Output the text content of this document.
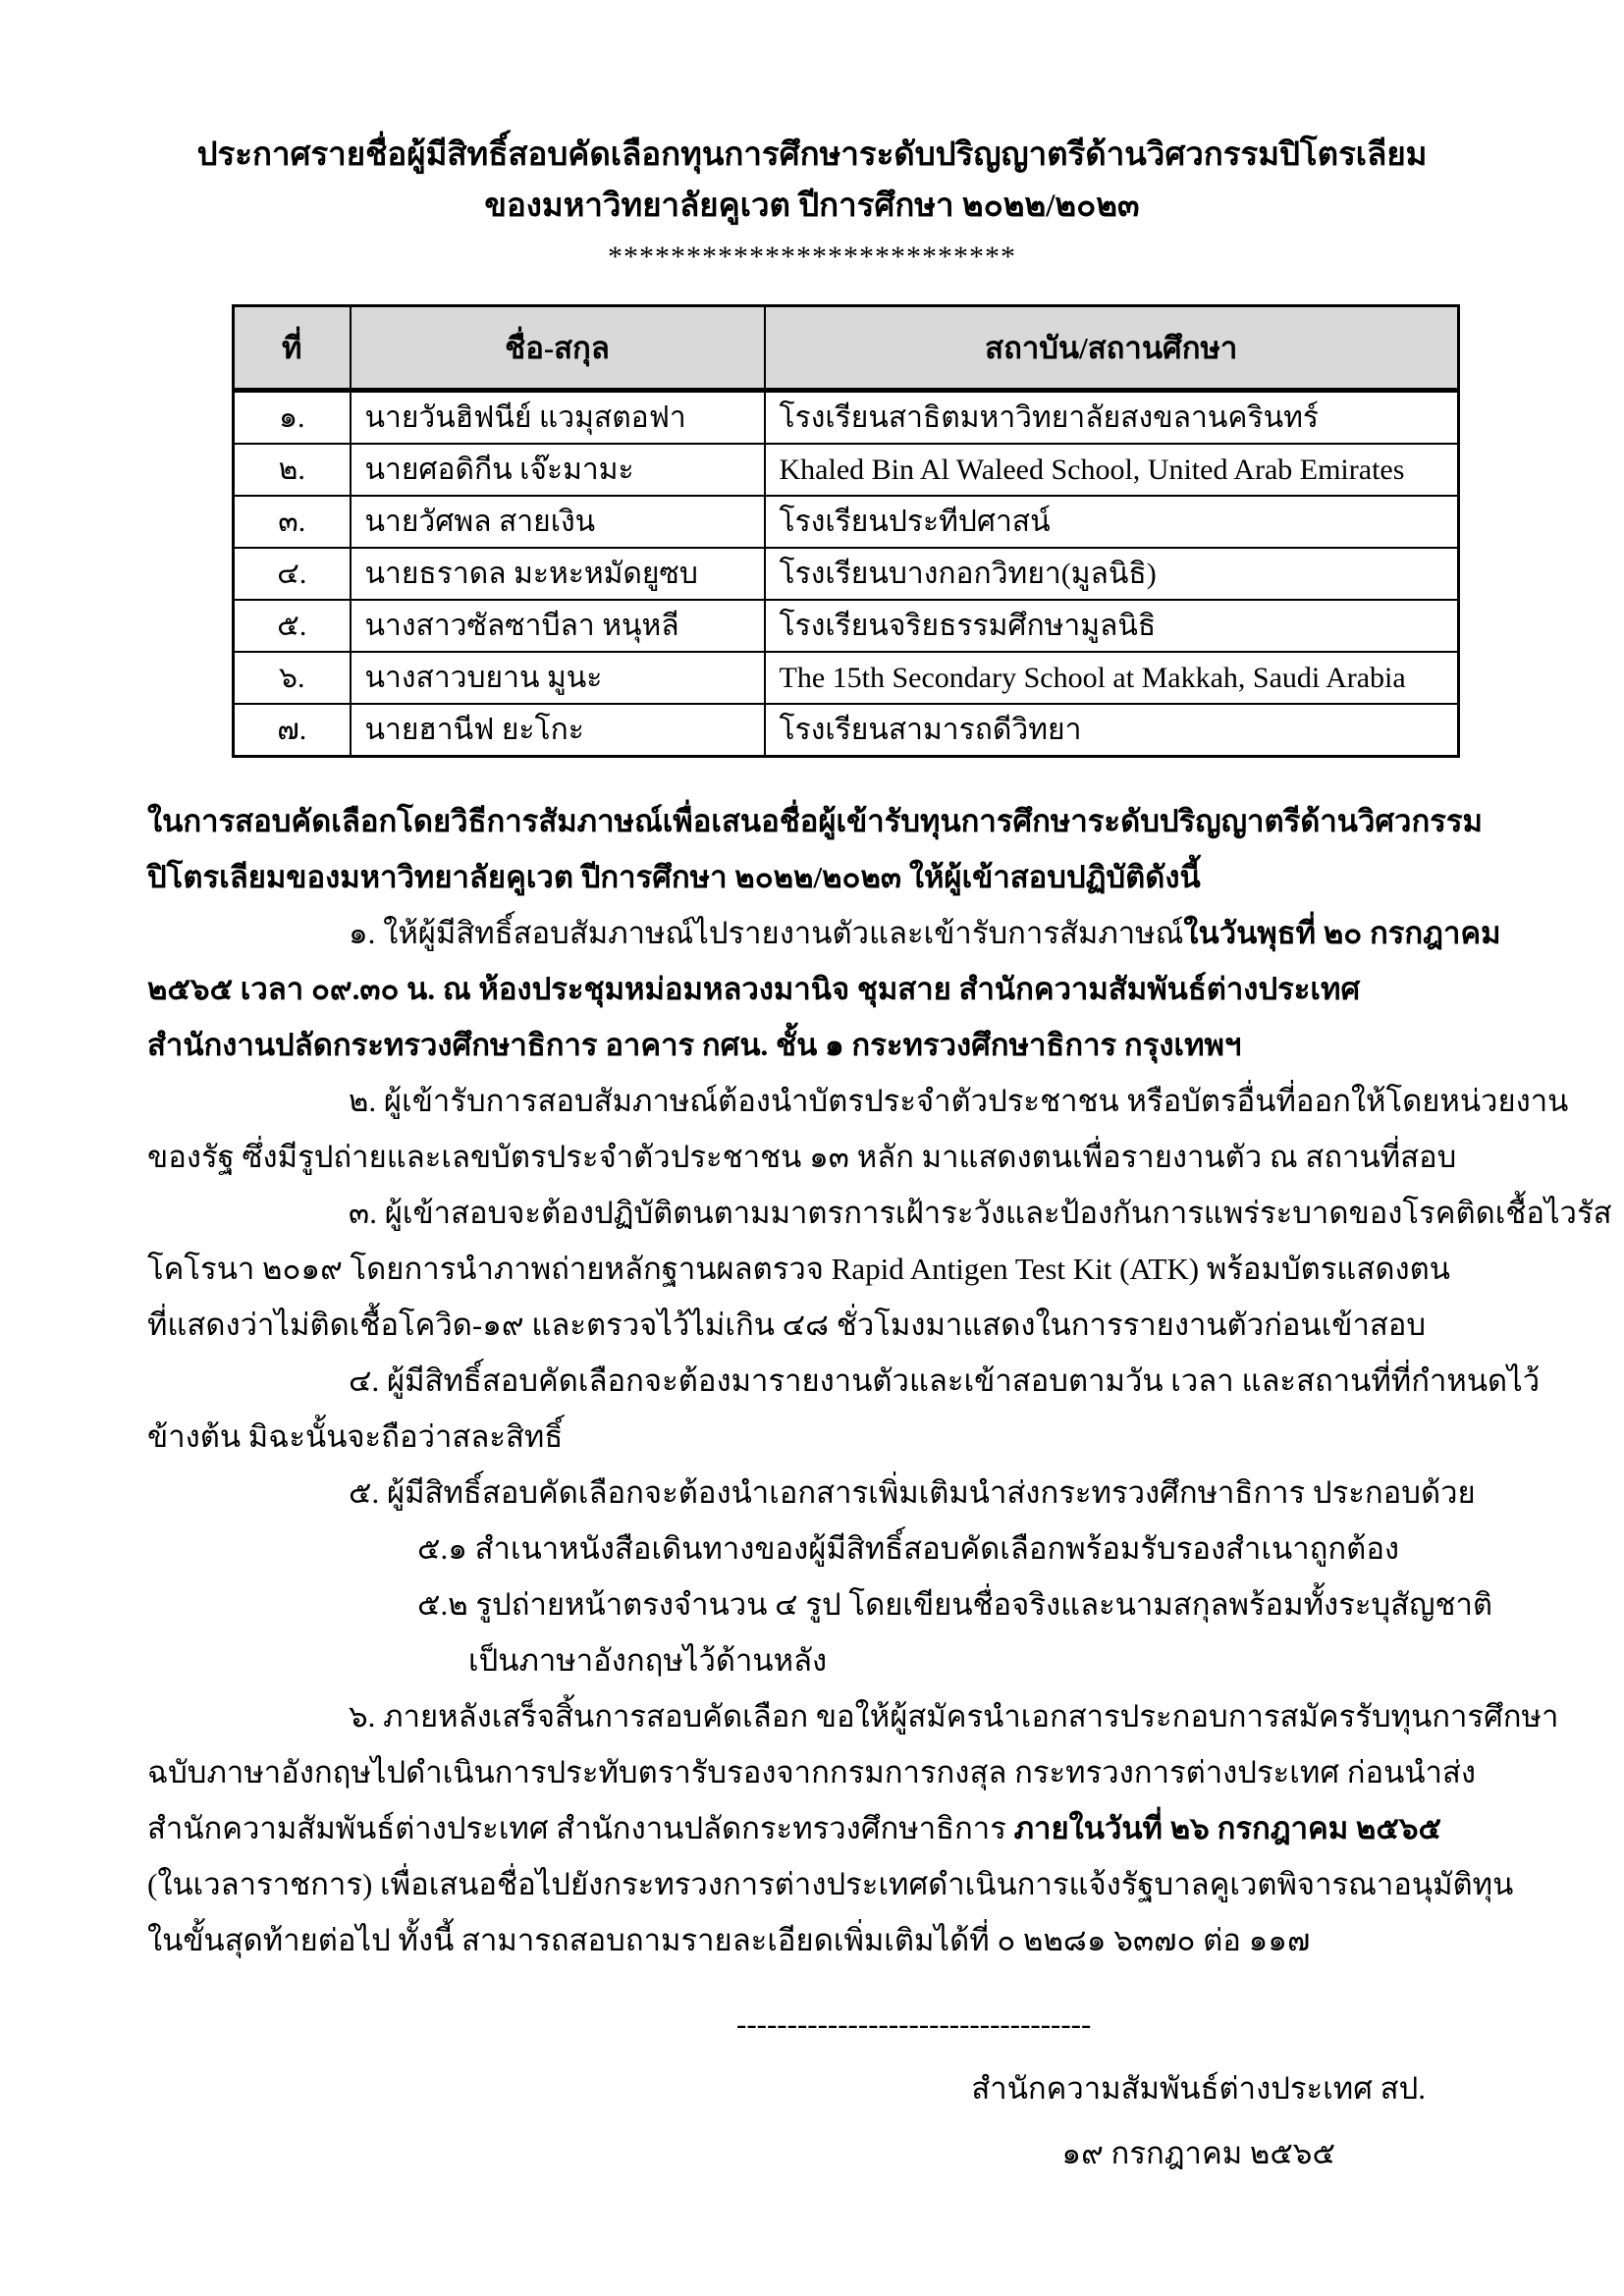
ประกาศรายชื่อผู้มีสิทธิ์สอบคัดเลือกทุนการศึกษาระดับปริญญาตรีด้านวิศวกรรมปิโตรเลียม
ของมหาวิทยาลัยคูเวต ปีการศึกษา ๒๐๒๒/๒๐๒๓
**************************
ที่	ชื่อ-สกุล	สถาบัน/สถานศึกษา
๑.	นายวันฮิฟนีย์ แวมุสตอฟา	โรงเรียนสาธิตมหาวิทยาลัยสงขลานครินทร์
๒.	นายศอดิกีน เจ๊ะมามะ	Khaled Bin Al Waleed School, United Arab Emirates
๓.	นายวัศพล สายเงิน	โรงเรียนประทีปศาสน์
๔.	นายธราดล มะหะหมัดยูซบ	โรงเรียนบางกอกวิทยา(มูลนิธิ)
๕.	นางสาวซัลซาบีลา หนุหลี	โรงเรียนจริยธรรมศึกษามูลนิธิ
๖.	นางสาวบยาน มูนะ	The 15th Secondary School at Makkah, Saudi Arabia
๗.	นายฮานีฟ ยะโกะ	โรงเรียนสามารถดีวิทยา
ในการสอบคัดเลือกโดยวิธีการสัมภาษณ์เพื่อเสนอชื่อผู้เข้ารับทุนการศึกษาระดับปริญญาตรีด้านวิศวกรรม
ปิโตรเลียมของมหาวิทยาลัยคูเวต ปีการศึกษา ๒๐๒๒/๒๐๒๓ ให้ผู้เข้าสอบปฏิบัติดังนี้
๑. ให้ผู้มีสิทธิ์สอบสัมภาษณ์ไปรายงานตัวและเข้ารับการสัมภาษณ์ในวันพุธที่ ๒๐ กรกฎาคม
๒๕๖๕ เวลา ๐๙.๓๐ น. ณ ห้องประชุมหม่อมหลวงมานิจ ชุมสาย สำนักความสัมพันธ์ต่างประเทศ
สำนักงานปลัดกระทรวงศึกษาธิการ อาคาร กศน. ชั้น ๑ กระทรวงศึกษาธิการ กรุงเทพฯ
๒. ผู้เข้ารับการสอบสัมภาษณ์ต้องนำบัตรประจำตัวประชาชน หรือบัตรอื่นที่ออกให้โดยหน่วยงาน
ของรัฐ ซึ่งมีรูปถ่ายและเลขบัตรประจำตัวประชาชน ๑๓ หลัก มาแสดงตนเพื่อรายงานตัว ณ สถานที่สอบ
๓. ผู้เข้าสอบจะต้องปฏิบัติตนตามมาตรการเฝ้าระวังและป้องกันการแพร่ระบาดของโรคติดเชื้อไวรัส
โคโรนา ๒๐๑๙ โดยการนำภาพถ่ายหลักฐานผลตรวจ Rapid Antigen Test Kit (ATK) พร้อมบัตรแสดงตน
ที่แสดงว่าไม่ติดเชื้อโควิด-๑๙ และตรวจไว้ไม่เกิน ๔๘ ชั่วโมงมาแสดงในการรายงานตัวก่อนเข้าสอบ
๔. ผู้มีสิทธิ์สอบคัดเลือกจะต้องมารายงานตัวและเข้าสอบตามวัน เวลา และสถานที่ที่กำหนดไว้
ข้างต้น มิฉะนั้นจะถือว่าสละสิทธิ์
๕. ผู้มีสิทธิ์สอบคัดเลือกจะต้องนำเอกสารเพิ่มเติมนำส่งกระทรวงศึกษาธิการ ประกอบด้วย
๕.๑ สำเนาหนังสือเดินทางของผู้มีสิทธิ์สอบคัดเลือกพร้อมรับรองสำเนาถูกต้อง
๕.๒ รูปถ่ายหน้าตรงจำนวน ๔ รูป โดยเขียนชื่อจริงและนามสกุลพร้อมทั้งระบุสัญชาติ
เป็นภาษาอังกฤษไว้ด้านหลัง
๖. ภายหลังเสร็จสิ้นการสอบคัดเลือก ขอให้ผู้สมัครนำเอกสารประกอบการสมัครรับทุนการศึกษา
ฉบับภาษาอังกฤษไปดำเนินการประทับตรารับรองจากกรมการกงสุล กระทรวงการต่างประเทศ ก่อนนำส่ง
สำนักความสัมพันธ์ต่างประเทศ สำนักงานปลัดกระทรวงศึกษาธิการ ภายในวันที่ ๒๖ กรกฎาคม ๒๕๖๕
(ในเวลาราชการ) เพื่อเสนอชื่อไปยังกระทรวงการต่างประเทศดำเนินการแจ้งรัฐบาลคูเวตพิจารณาอนุมัติทุน
ในขั้นสุดท้ายต่อไป ทั้งนี้ สามารถสอบถามรายละเอียดเพิ่มเติมได้ที่ ๐ ๒๒๘๑ ๖๓๗๐ ต่อ ๑๑๗
-----------------------------------
สำนักความสัมพันธ์ต่างประเทศ สป.
๑๙ กรกฎาคม ๒๕๖๕
